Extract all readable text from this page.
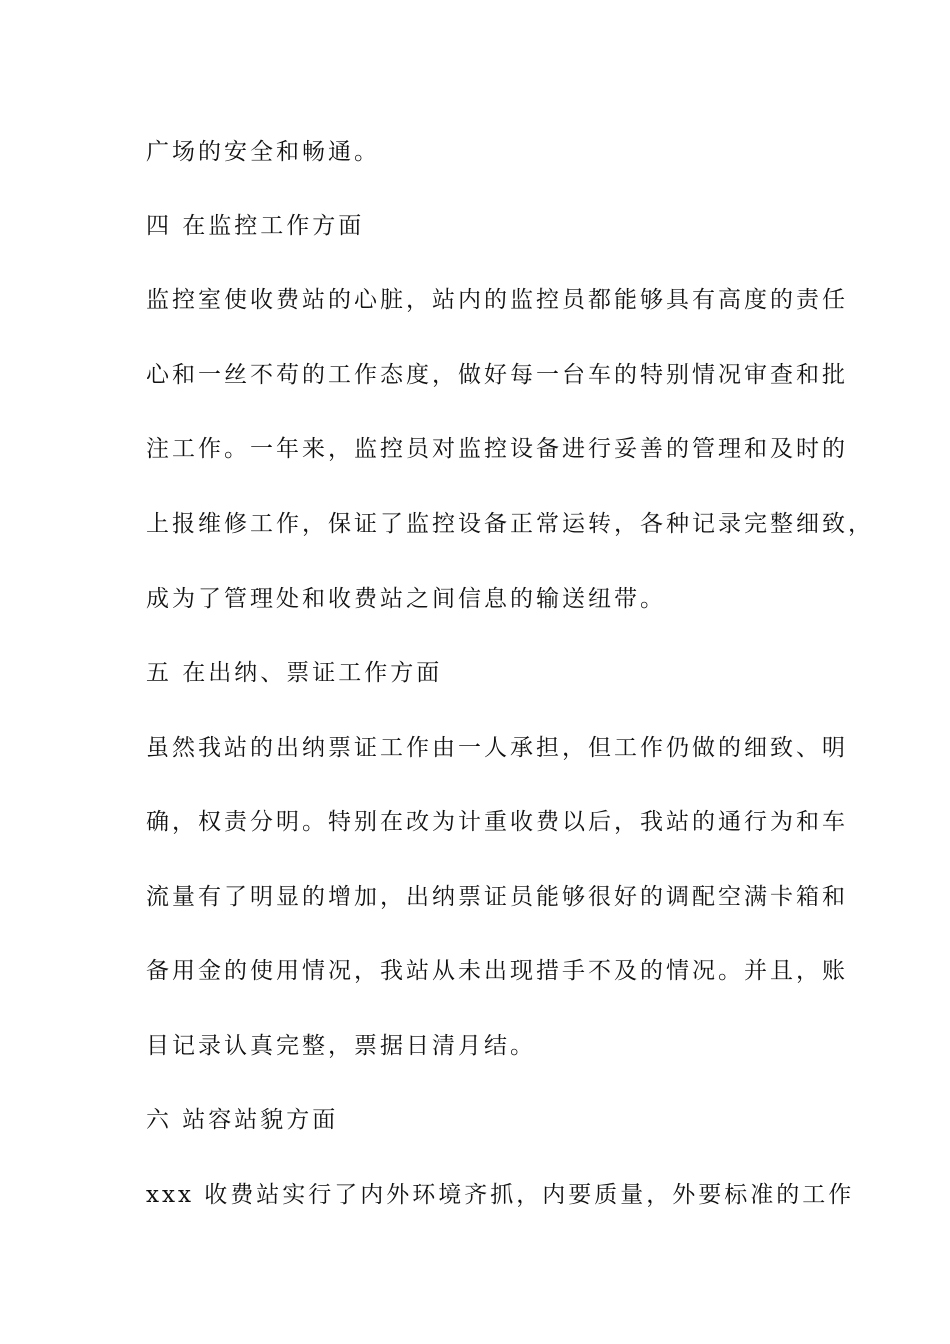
广场的安全和畅通。
四 在监控工作方面
监控室使收费站的心脏，站内的监控员都能够具有高度的责任
心和一丝不苟的工作态度，做好每一台车的特别情况审查和批
注工作。一年来，监控员对监控设备进行妥善的管理和及时的
上报维修工作，保证了监控设备正常运转，各种记录完整细致，
成为了管理处和收费站之间信息的输送纽带。
五 在出纳、票证工作方面
虽然我站的出纳票证工作由一人承担，但工作仍做的细致、明
确，权责分明。特别在改为计重收费以后，我站的通行为和车
流量有了明显的增加，出纳票证员能够很好的调配空满卡箱和
备用金的使用情况，我站从未出现措手不及的情况。并且，账
目记录认真完整，票据日清月结。
六 站容站貌方面
xxx 收费站实行了内外环境齐抓，内要质量，外要标准的工作
